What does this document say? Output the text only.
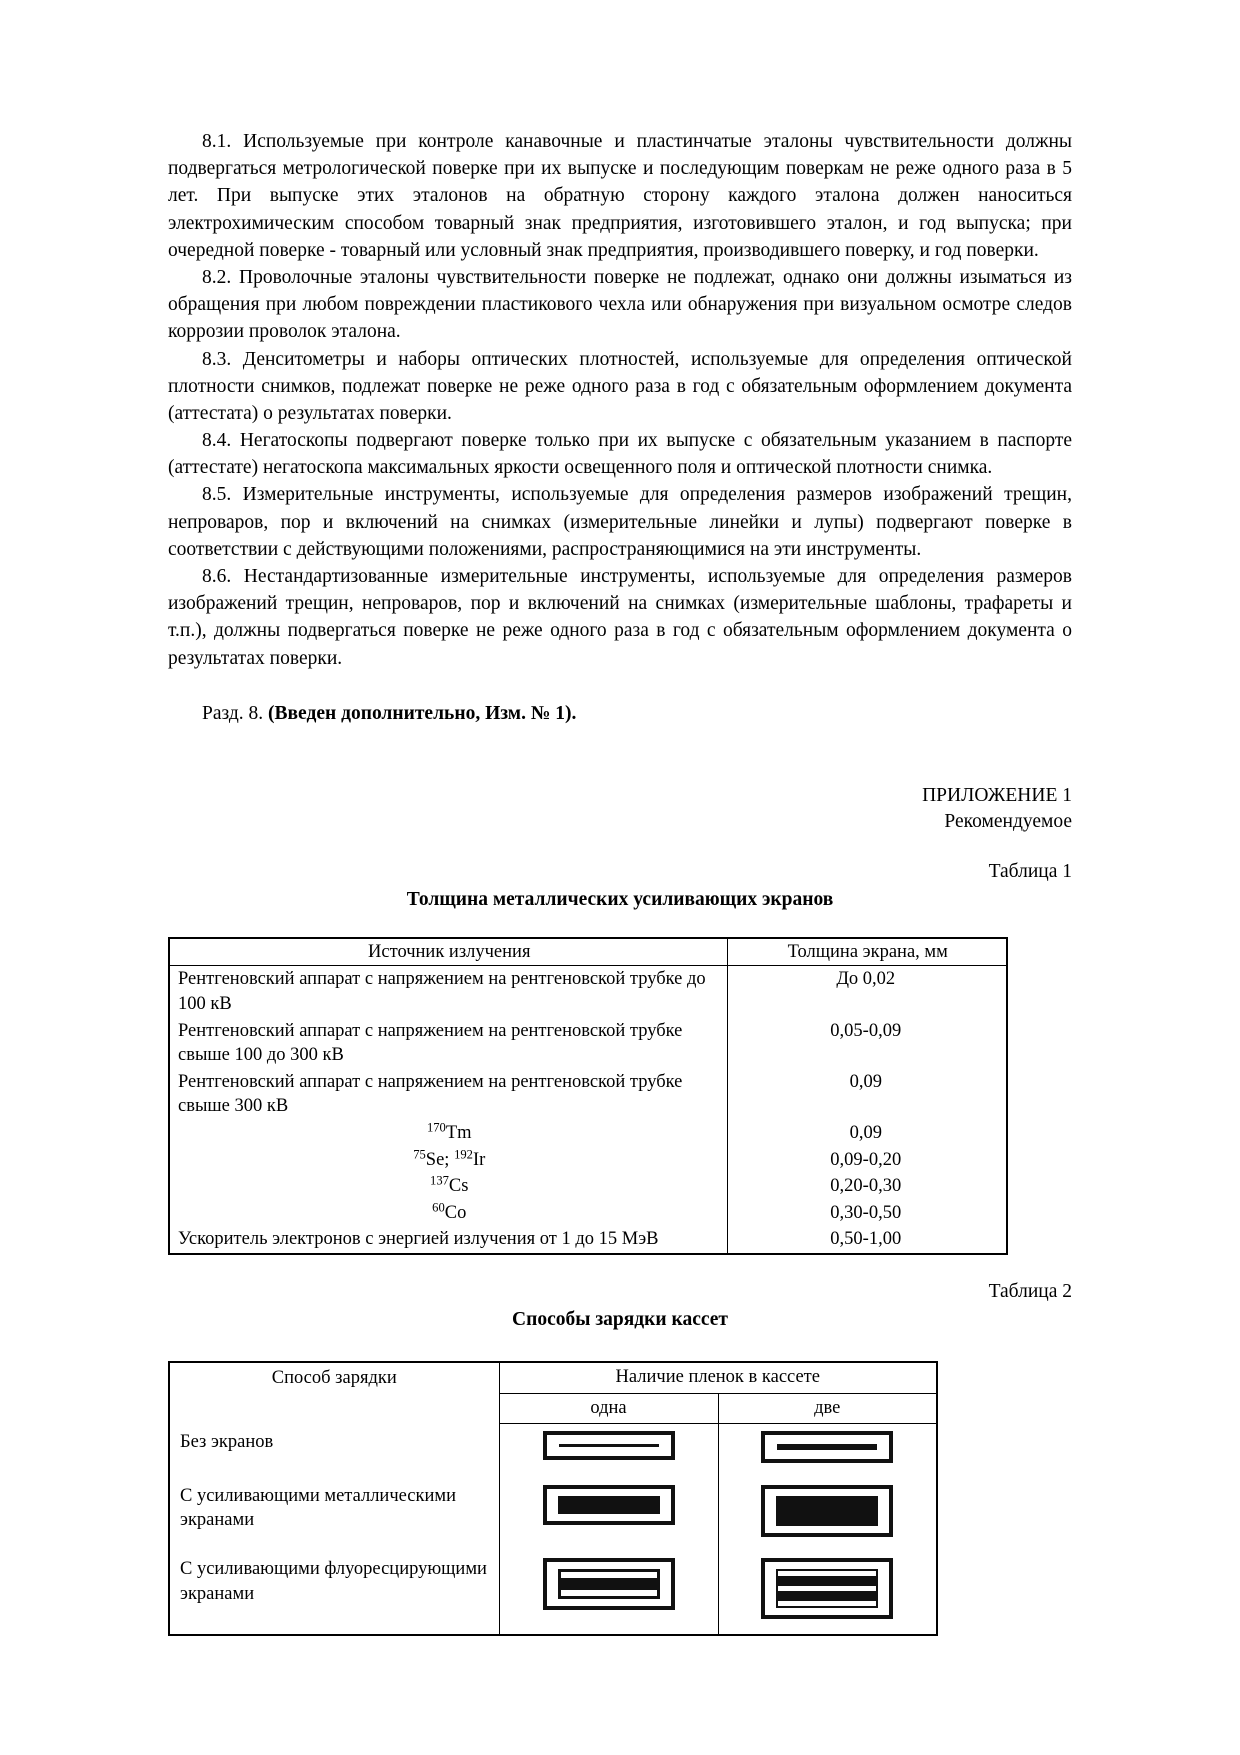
8.1. Используемые при контроле канавочные и пластинчатые эталоны чувствительности должны подвергаться метрологической поверке при их выпуске и последующим поверкам не реже одного раза в 5 лет. При выпуске этих эталонов на обратную сторону каждого эталона должен наноситься электрохимическим способом товарный знак предприятия, изготовившего эталон, и год выпуска; при очередной поверке - товарный или условный знак предприятия, производившего поверку, и год поверки.

8.2. Проволочные эталоны чувствительности поверке не подлежат, однако они должны изыматься из обращения при любом повреждении пластикового чехла или обнаружения при визуальном осмотре следов коррозии проволок эталона.

8.3. Денситометры и наборы оптических плотностей, используемые для определения оптической плотности снимков, подлежат поверке не реже одного раза в год с обязательным оформлением документа (аттестата) о результатах поверки.

8.4. Негатоскопы подвергают поверке только при их выпуске с обязательным указанием в паспорте (аттестате) негатоскопа максимальных яркости освещенного поля и оптической плотности снимка.

8.5. Измерительные инструменты, используемые для определения размеров изображений трещин, непроваров, пор и включений на снимках (измерительные линейки и лупы) подвергают поверке в соответствии с действующими положениями, распространяющимися на эти инструменты.

8.6. Нестандартизованные измерительные инструменты, используемые для определения размеров изображений трещин, непроваров, пор и включений на снимках (измерительные шаблоны, трафареты и т.п.), должны подвергаться поверке не реже одного раза в год с обязательным оформлением документа о результатах поверки.

Разд. 8. (Введен дополнительно, Изм. № 1).

ПРИЛОЖЕНИЕ 1
Рекомендуемое

Таблица 1

Толщина металлических усиливающих экранов

Источник излучения	Толщина экрана, мм
Рентгеновский аппарат с напряжением на рентгеновской трубке до 100 кВ	До 0,02
Рентгеновский аппарат с напряжением на рентгеновской трубке свыше 100 до 300 кВ	0,05-0,09
Рентгеновский аппарат с напряжением на рентгеновской трубке свыше 300 кВ	0,09
$^{170}$Tm	0,09
$^{75}$Se; $^{192}$Ir	0,09-0,20
$^{137}$Cs	0,20-0,30
$^{60}$Co	0,30-0,50
Ускоритель электронов с энергией излучения от 1 до 15 МэВ	0,50-1,00

Таблица 2

Способы зарядки кассет

Способ зарядки	Наличие пленок в кассете	
	одна	две
Без экранов	

С усиливающими металлическими экранами	

С усиливающими флуоресцирующими экранами	
